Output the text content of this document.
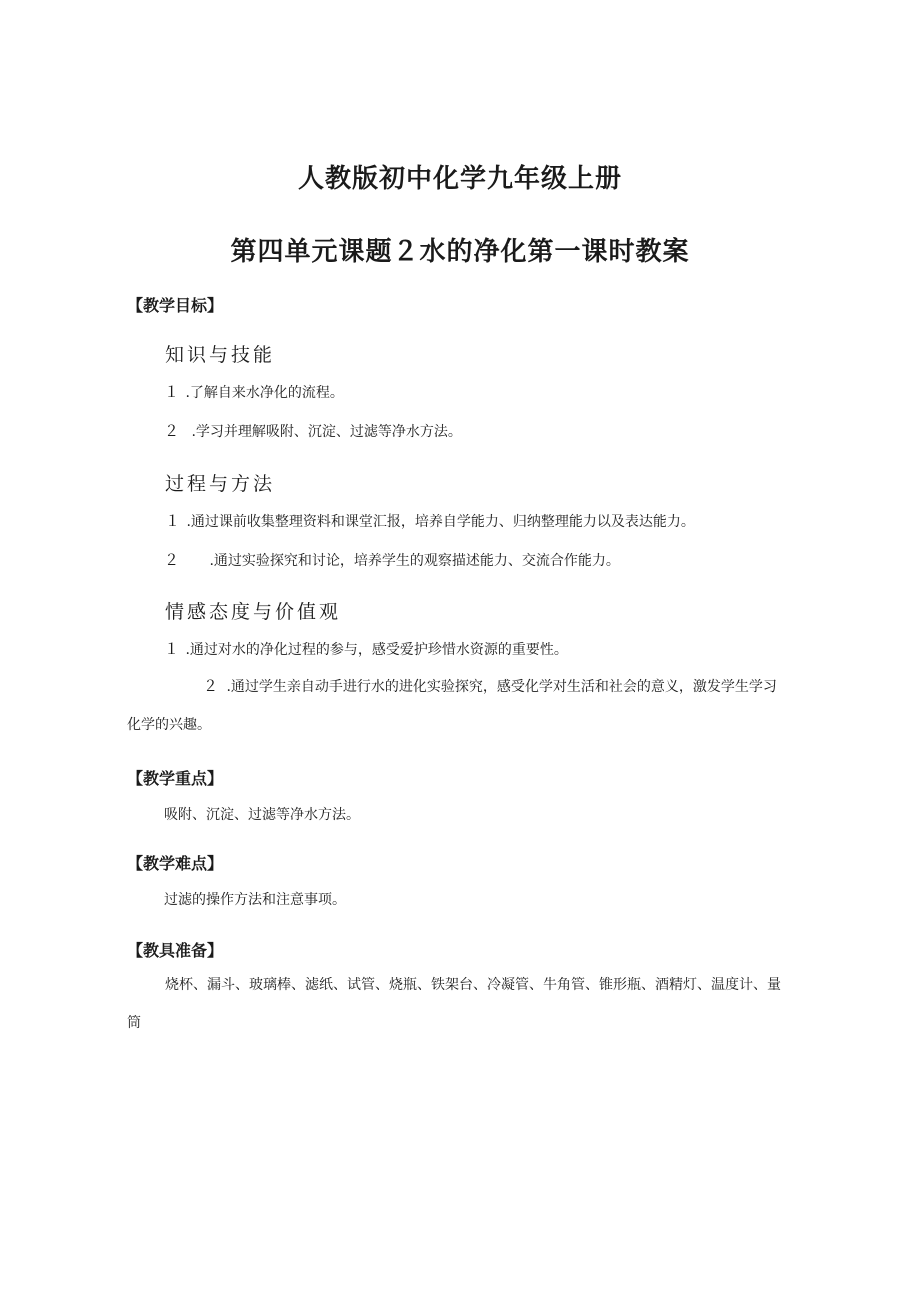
人教版初中化学九年级上册
第四单元课题２水的净化第一课时教案
【教学目标】
知识与技能
１ .了解自来水净化的流程。
２ .学习并理解吸附、沉淀、过滤等净水方法。
过程与方法
１ .通过课前收集整理资料和课堂汇报，培养自学能力、归纳整理能力以及表达能力。
２ .通过实验探究和讨论，培养学生的观察描述能力、交流合作能力。
情感态度与价值观
１ .通过对水的净化过程的参与，感受爱护珍惜水资源的重要性。
２ .通过学生亲自动手进行水的进化实验探究，感受化学对生活和社会的意义，激发学生学习化学的兴趣。
【教学重点】
吸附、沉淀、过滤等净水方法。
【教学难点】
过滤的操作方法和注意事项。
【教具准备】
烧杯、漏斗、玻璃棒、滤纸、试管、烧瓶、铁架台、冷凝管、牛角管、锥形瓶、酒精灯、温度计、量筒
